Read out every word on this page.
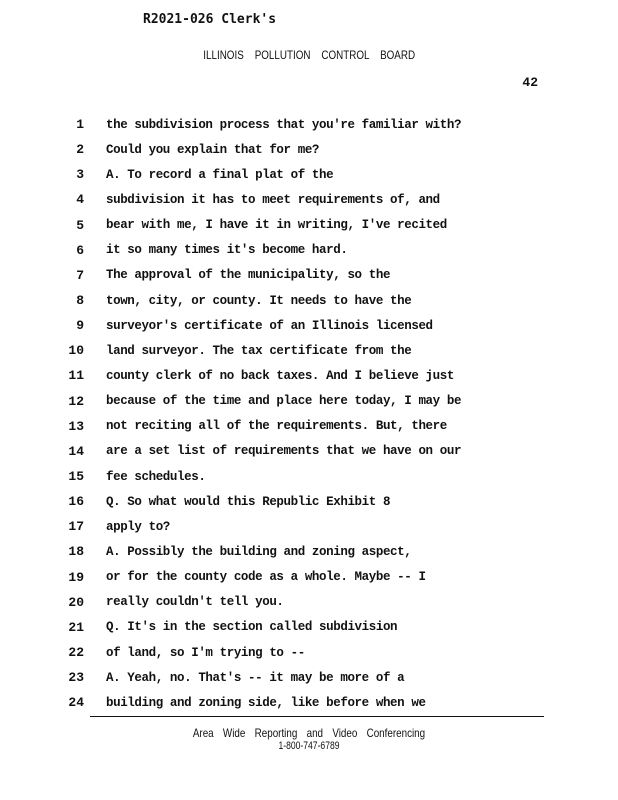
R2021-026 Clerk's
ILLINOIS POLLUTION CONTROL BOARD
42
1 the subdivision process that you're familiar with?
2 Could you explain that for me?
3 A. To record a final plat of the
4 subdivision it has to meet requirements of, and
5 bear with me, I have it in writing, I've recited
6 it so many times it's become hard.
7 The approval of the municipality, so the
8 town, city, or county. It needs to have the
9 surveyor's certificate of an Illinois licensed
10 land surveyor. The tax certificate from the
11 county clerk of no back taxes. And I believe just
12 because of the time and place here today, I may be
13 not reciting all of the requirements. But, there
14 are a set list of requirements that we have on our
15 fee schedules.
16 Q. So what would this Republic Exhibit 8
17 apply to?
18 A. Possibly the building and zoning aspect,
19 or for the county code as a whole. Maybe -- I
20 really couldn't tell you.
21 Q. It's in the section called subdivision
22 of land, so I'm trying to --
23 A. Yeah, no. That's -- it may be more of a
24 building and zoning side, like before when we
Area Wide Reporting and Video Conferencing
1-800-747-6789
